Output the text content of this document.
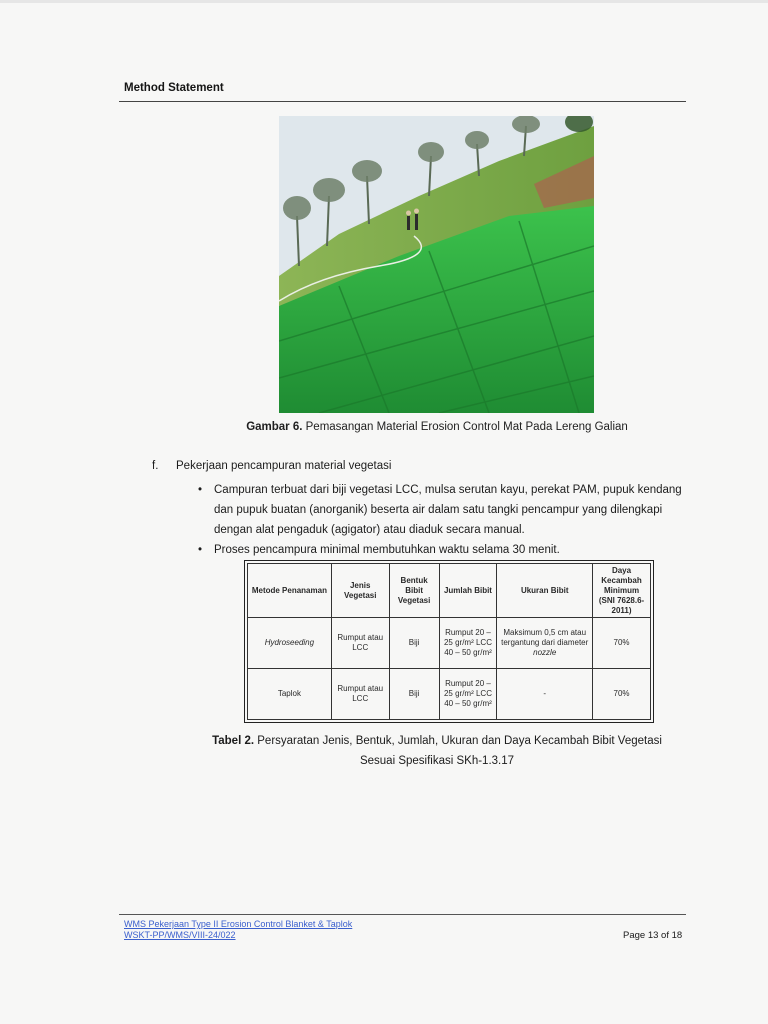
Method Statement
Gambar 6. Pemasangan Material Erosion Control Mat Pada Lereng Galian
f. Pekerjaan pencampuran material vegetasi
• Campuran terbuat dari biji vegetasi LCC, mulsa serutan kayu, perekat PAM, pupuk kendang dan pupuk buatan (anorganik) beserta air dalam satu tangki pencampur yang dilengkapi dengan alat pengaduk (agigator) atau diaduk secara manual.
• Proses pencampura minimal membutuhkan waktu selama 30 menit.
Metode Penanaman	Jenis Vegetasi	Bentuk Bibit Vegetasi	Jumlah Bibit	Ukuran Bibit	Daya Kecambah Minimum (SNI 7628.6-2011)
Hydroseeding	Rumput atau LCC	Biji	Rumput 20 – 25 gr/m² LCC 40 – 50 gr/m²	Maksimum 0,5 cm atau tergantung dari diameter nozzle	70%
Taplok	Rumput atau LCC	Biji	Rumput 20 – 25 gr/m² LCC 40 – 50 gr/m²	-	70%
Tabel 2. Persyaratan Jenis, Bentuk, Jumlah, Ukuran dan Daya Kecambah Bibit Vegetasi
Sesuai Spesifikasi SKh-1.3.17
WMS Pekerjaan Type II Erosion Control Blanket & Taplok
WSKT-PP/WMS/VIII-24/022	Page 13 of 18
